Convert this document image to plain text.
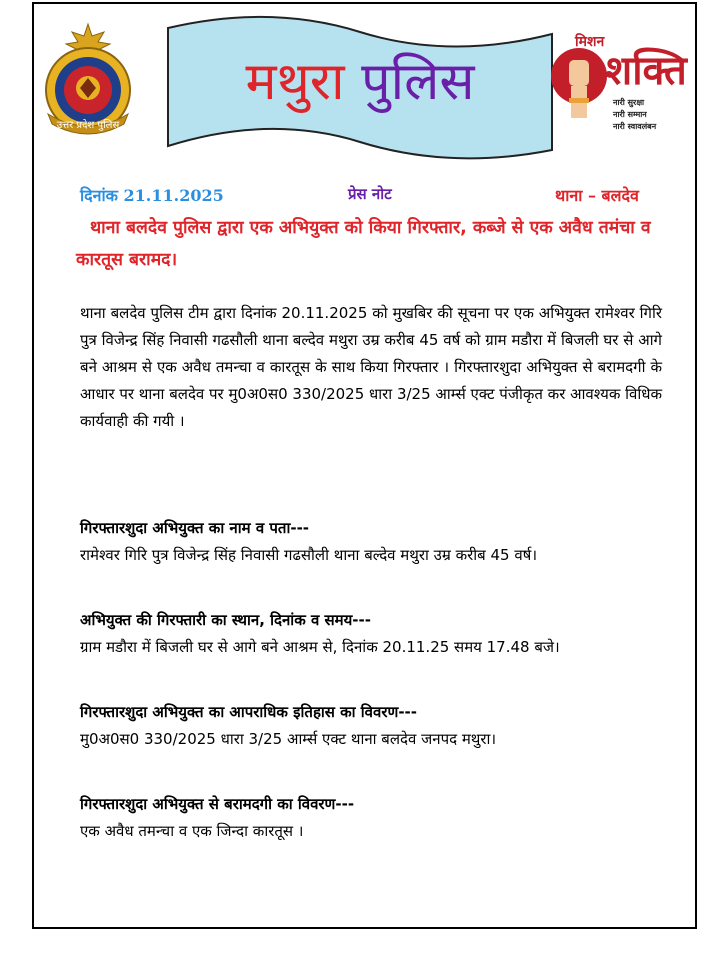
उत्तर प्रदेश पुलिस
मथुरा पुलिस
मिशन
शक्ति
नारी सुरक्षा
नारी सम्मान
नारी स्वावलंबन
दिनांक 21.11.2025	प्रेस नोट	थाना – बलदेव
थाना बलदेव पुलिस द्वारा एक अभियुक्त को किया गिरफ्तार, कब्जे से एक अवैध तमंचा व कारतूस बरामद।
थाना बलदेव पुलिस टीम द्वारा दिनांक 20.11.2025 को मुखबिर की सूचना पर एक अभियुक्त रामेश्वर गिरि पुत्र विजेन्द्र सिंह निवासी गढसौली थाना बल्देव मथुरा उम्र करीब 45 वर्ष को ग्राम मडौरा में बिजली घर से आगे बने आश्रम से एक अवैध तमन्चा व कारतूस के साथ किया गिरफ्तार । गिरफ्तारशुदा अभियुक्त से बरामदगी के आधार पर थाना बलदेव पर मु0अ0स0 330/2025 धारा 3/25 आर्म्स एक्ट पंजीकृत कर आवश्यक विधिक कार्यवाही की गयी ।
गिरफ्तारशुदा अभियुक्त का नाम व पता---
रामेश्वर गिरि पुत्र विजेन्द्र सिंह निवासी गढसौली थाना बल्देव मथुरा उम्र करीब 45 वर्ष।
अभियुक्त की गिरफ्तारी का स्थान, दिनांक व समय---
ग्राम मडौरा में बिजली घर से आगे बने आश्रम से, दिनांक 20.11.25 समय 17.48 बजे।
गिरफ्तारशुदा अभियुक्त का आपराधिक इतिहास का विवरण---
मु0अ0स0 330/2025 धारा 3/25 आर्म्स एक्ट थाना बलदेव जनपद मथुरा।
गिरफ्तारशुदा अभियुक्त से बरामदगी का विवरण---
एक अवैध तमन्चा व एक जिन्दा कारतूस ।
